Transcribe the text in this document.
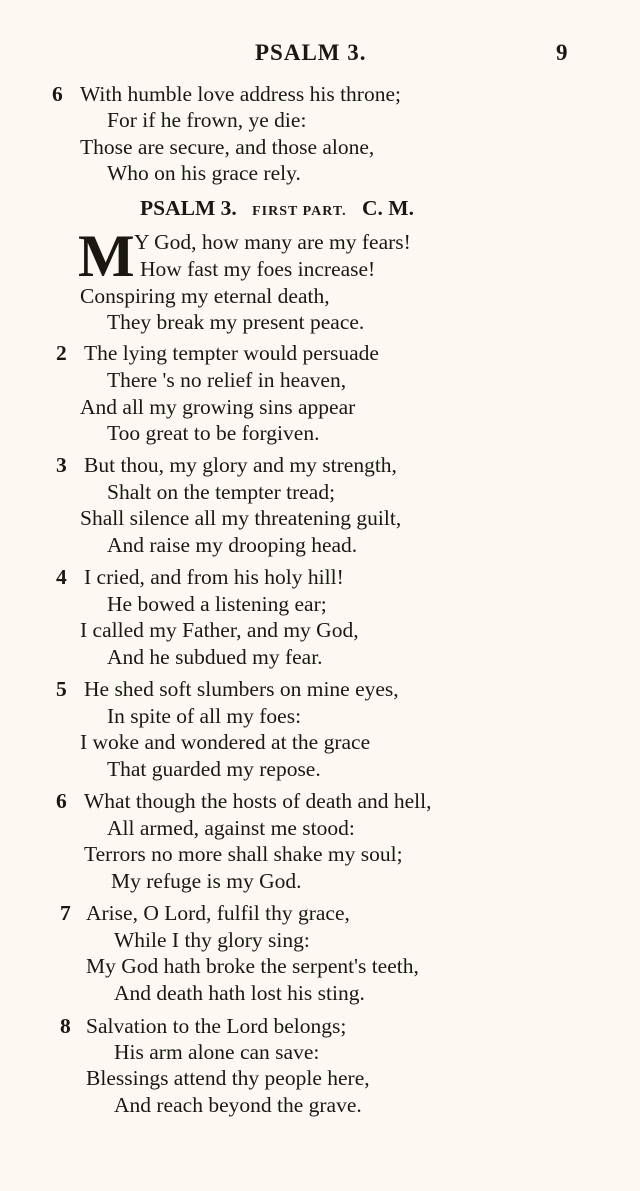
PSALM 3.	9
6 With humble love address his throne;
For if he frown, ye die:
Those are secure, and those alone,
Who on his grace rely.
PSALM 3. FIRST PART. C. M.
M Y God, how many are my fears!
How fast my foes increase!
Conspiring my eternal death,
They break my present peace.
2 The lying tempter would persuade
There 's no relief in heaven,
And all my growing sins appear
Too great to be forgiven.
3 But thou, my glory and my strength,
Shalt on the tempter tread;
Shall silence all my threatening guilt,
And raise my drooping head.
4 I cried, and from his holy hill!
He bowed a listening ear;
I called my Father, and my God,
And he subdued my fear.
5 He shed soft slumbers on mine eyes,
In spite of all my foes:
I woke and wondered at the grace
That guarded my repose.
6 What though the hosts of death and hell,
All armed, against me stood:
Terrors no more shall shake my soul;
My refuge is my God.
7 Arise, O Lord, fulfil thy grace,
While I thy glory sing:
My God hath broke the serpent's teeth,
And death hath lost his sting.
8 Salvation to the Lord belongs;
His arm alone can save:
Blessings attend thy people here,
And reach beyond the grave.
